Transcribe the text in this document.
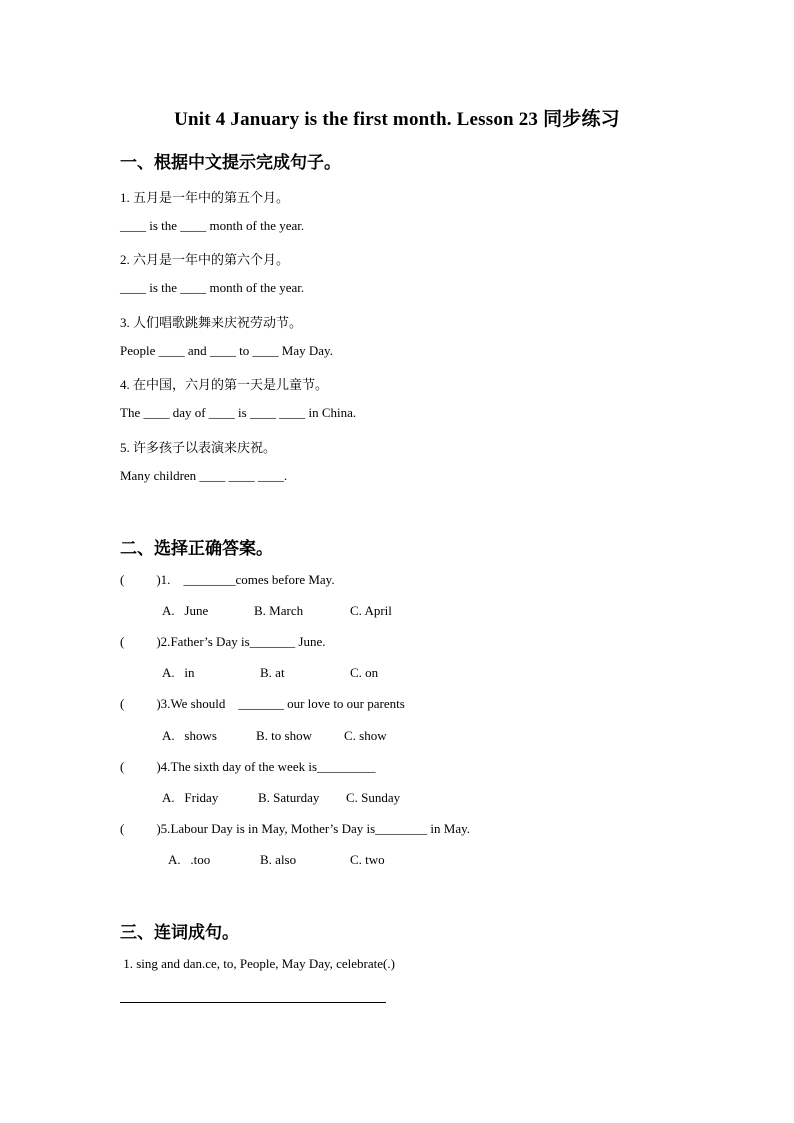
Unit 4 January is the first month. Lesson 23 同步练习
一、根据中文提示完成句子。
1. 五月是一年中的第五个月。
____ is the ____ month of the year.
2. 六月是一年中的第六个月。
____ is the ____ month of the year.
3. 人们唱歌跳舞来庆祝劳动节。
People ____ and ____ to ____ May Day.
4. 在中国，六月的第一天是儿童节。
The ____ day of ____ is ____ ____ in China.
5. 许多孩子以表演来庆祝。
Many children ____ ____ ____.
二、选择正确答案。
( )1. ________comes before May.
A.   June	B. March	C. April
( )2.Father’s Day is_______ June.
A.   in	B. at	C. on
( )3.We should    _______ our love to our parents
A.   shows	B. to show C. show
( )4.The sixth day of the week is_________
A.   Friday	B. Saturday C. Sunday
( )5.Labour Day is in May, Mother’s Day is________ in May.
A.   .too	B. also	C. two
三、连词成句。
1. sing and dan.ce, to, People, May Day, celebrate(.)
